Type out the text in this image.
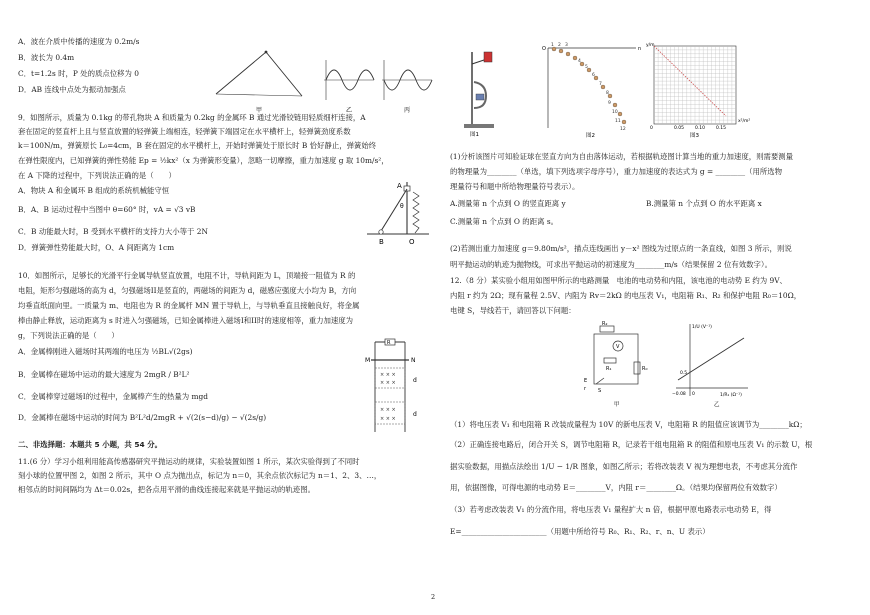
A．波在介质中传播的速度为 0.2m/s
B．波长为 0.4m
C．t=1.2s 时，P 处的质点位移为 0
D．AB 连线中点处为振动加强点
甲	乙	丙
9．如图所示，质量为 0.1kg 的带孔物块 A 和质量为 0.2kg 的金属环 B 通过光滑铰链用轻质细杆连接，A
套在固定的竖直杆上且与竖直放置的轻弹簧上端相连，轻弹簧下端固定在水平横杆上，轻弹簧劲度系数
k＝100N/m，弹簧原长 L₀=4cm，B 套在固定的水平横杆上，开始时弹簧处于原长时 B 恰好静止，弹簧始终
在弹性限度内，已知弹簧的弹性势能 Ep = ½kx²（x 为弹簧形变量），忽略一切摩擦，重力加速度 g 取 10m/s²，
在 A 下降的过程中，下列说法正确的是（　　）
A．物块 A 和金属环 B 组成的系统机械能守恒
B．A、B 运动过程中当图中 θ=60° 时，vA = √3 vB
C．B 动能最大时，B 受到水平横杆的支持力大小等于 2N
D．弹簧弹性势能最大时，O、A 间距离为 1cm
A
θ
B	O
10．如图所示，足够长的光滑平行金属导轨竖直放置，电阻不计，导轨间距为 L，顶端接一阻值为 R 的
电阻，矩形匀强磁场的高为 d，匀强磁场II是竖直的，两磁场的间距为 d，磁感应强度大小均为 B，方向
均垂直纸面向里。一质量为 m、电阻也为 R 的金属杆 MN 置于导轨上，与导轨垂直且接触良好，将金属
棒由静止释放，运动距离为 s 时进入匀强磁场，已知金属棒进入磁场I和II时的速度相等，重力加速度为
g，下列说法正确的是（　　）
A．金属棒刚进入磁场时其两端的电压为 ½BL√(2gs)
B．金属棒在磁场中运动的最大速度为 2mgR / B²L²
C．金属棒穿过磁场I的过程中，金属棒产生的热量为 mgd
D．金属棒在磁场中运动的时间为 B²L²d/2mgR + √(2(s−d)/g) − √(2s/g)
× × ×
× × ×
× × ×
× × ×
M	N
R
d
d
二、非选择题：本题共 5 小题，共 54 分。
11.(6 分）学习小组利用能高传感器研究平抛运动的规律，实验装置如图 1 所示，某次实验得到了不同时
刻小球的位置甲图 2，如图 2 所示，其中 O 点为抛出点，标记为 n＝0，其余点依次标记为 n＝1、2、3、…，
相邻点的时间间隔均为 Δt＝0.02s，把各点用平滑的曲线连接起来就是平抛运动的轨迹图。
图1
O	n
1 2 3
4
5
6
7
8
9
10
11
12
图2
0	0.05 0.10 0.15
x²/m²
y/m
图3
(1)分析该图片可知验证球在竖直方向为自由落体运动，若根据轨迹图计算当地的重力加速度，则需要测量
的物理量为________（单选，填下列选项字母序号），重力加速度的表达式为 g = ________（用所选物
理量符号和题中所给物理量符号表示）。
A.测量第 n 个点到 O 的竖直距离 y	B.测量第 n 个点到 O 的水平距离 x
C.测量第 n 个点到 O 的距离 s。
(2)若测出重力加速度 g＝9.80m/s²，描点连线画出 y－x² 图线为过原点的一条直线，如图 3 所示，则说
明平抛运动的轨迹为抛物线，可求出平抛运动的初速度为________m/s（结果保留 2 位有效数字）。
12.（8 分）某实验小组用如图甲所示的电路测量　电池的电动势和内阻，该电池的电动势 E 约为 9V、
内阻 r 约为 2Ω；现有量程 2.5V、内阻为 Rv＝2kΩ 的电压表 V₁，电阻箱 R₁、R₂ 和保护电阻 R₀＝10Ω，
电键 S，导线若干，请回答以下问题：
R₂
V
R₁
S
E
r
R₀
甲
1/U (V⁻¹)
0.5
0
−0.08	1/R₁ (Ω⁻¹)
乙
（1）将电压表 V₁ 和电阻箱 R 改装成量程为 10V 的新电压表 V，电阻箱 R 的阻值应该调节为________kΩ；
（2）正确连接电路后，闭合开关 S，调节电阻箱 R，记录若干组电阻箱 R 的阻值和原电压表 V₁ 的示数 U，根
据实验数据，用描点法绘出 1/U − 1/R 图象，如图乙所示；若将改装表 V 视为理想电表，不考虑其分流作
用，依据图像，可得电源的电动势 E＝________V，内阻 r＝________Ω。（结果均保留两位有效数字）
（3）若考虑改装表 V₁ 的分流作用，将电压表 V₁ 量程扩大 n 倍，根据甲原电路表示电动势 E，得
E=_______________________（用题中所给符号 R₀、R₁、R₂、r、n、U 表示）
2
